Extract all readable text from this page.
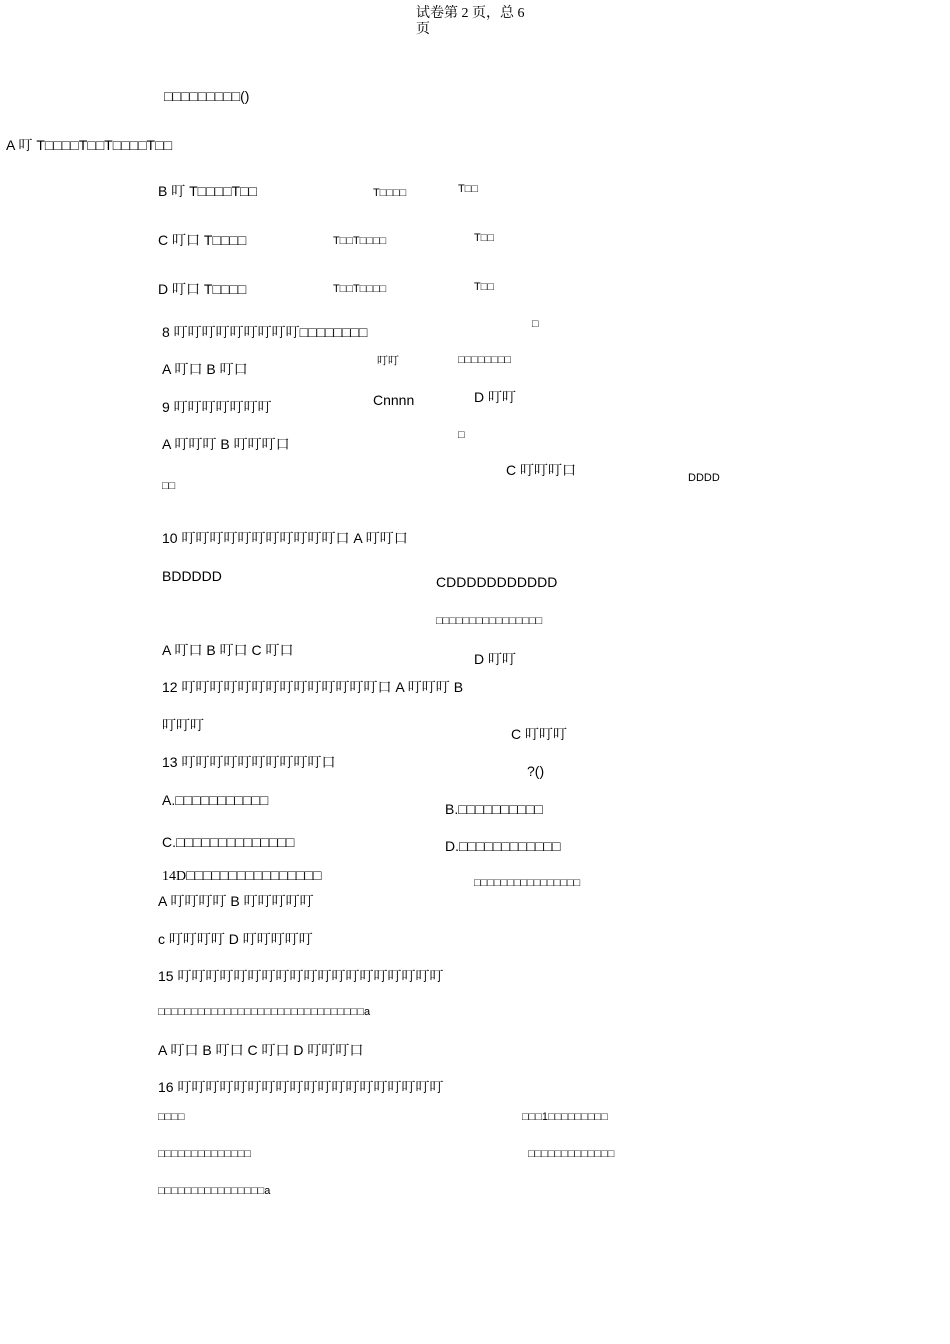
试卷第 2 页，总 6
页
□□□□□□□□□()
A 叮 T□□□□T□□T□□□□T□□
B 叮 T□□□□T□□	T□□□□	T□□
C 叮口 T□□□□	T□□T□□□□	T□□
D 叮口 T□□□□	T□□T□□□□	T□□
8 叮叮叮叮叮叮叮叮叮□□□□□□□□	□
A 叮口 B 叮口	叮叮	□□□□□□□□
9 叮叮叮叮叮叮叮	Cnnnn	D 叮叮
A 叮叮叮 B 叮叮叮口
□
C 叮叮叮口	DDDD
□□
10 叮叮叮叮叮叮叮叮叮叮叮口 A 叮叮口
BDDDDD	CDDDDDDDDDDD
□□□□□□□□□□□□□□□□
A 叮口 B 叮口 C 叮口
D 叮叮
12 叮叮叮叮叮叮叮叮叮叮叮叮叮叮口 A 叮叮叮 B
叮叮叮
C 叮叮叮
13 叮叮叮叮叮叮叮叮叮叮口
?()
A.□□□□□□□□□□□
B.□□□□□□□□□□
C.□□□□□□□□□□□□□□	D.□□□□□□□□□□□□
14D□□□□□□□□□□□□□□□□	□□□□□□□□□□□□□□□□
A 叮叮叮叮 B 叮叮叮叮叮
c 叮叮叮叮 D 叮叮叮叮叮
15 叮叮叮叮叮叮叮叮叮叮叮叮叮叮叮叮叮叮叮
□□□□□□□□□□□□□□□□□□□□□□□□□□□□□□□a
A 叮口 B 叮口 C 叮口 D 叮叮叮口
16 叮叮叮叮叮叮叮叮叮叮叮叮叮叮叮叮叮叮叮
□□□□	□□□1□□□□□□□□□
□□□□□□□□□□□□□□	□□□□□□□□□□□□□
□□□□□□□□□□□□□□□□a
